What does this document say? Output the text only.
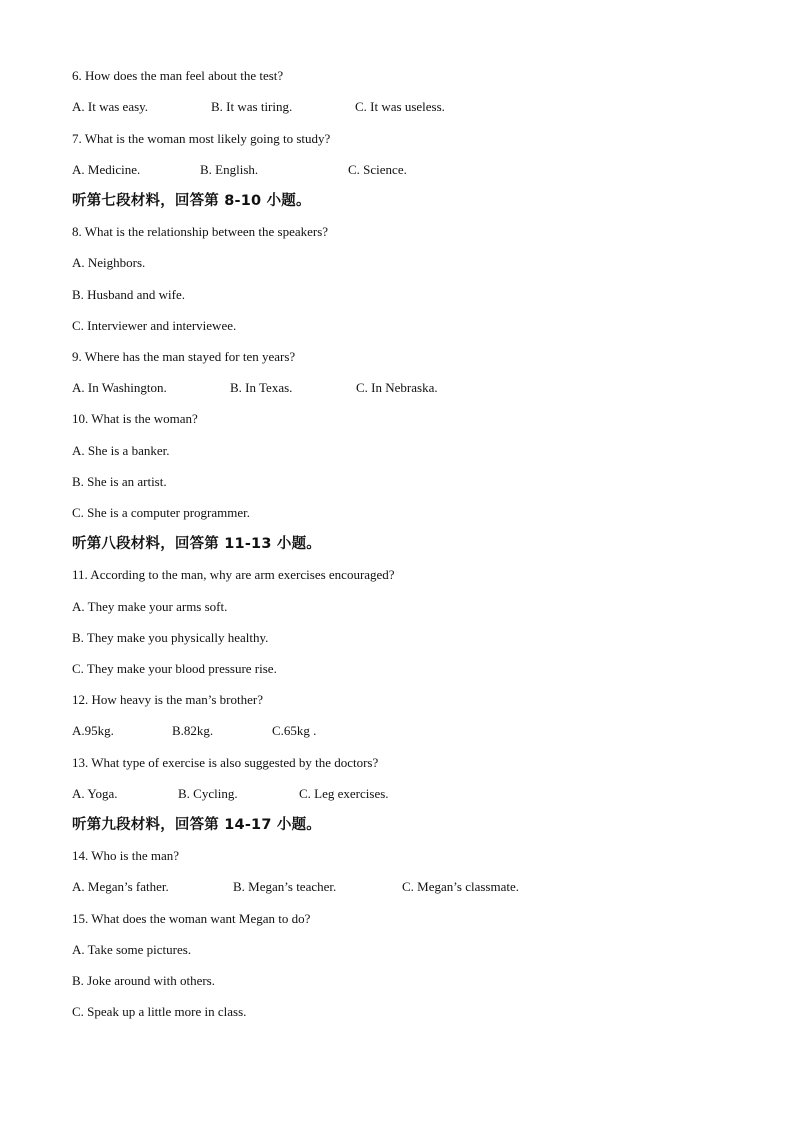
6. How does the man feel about the test?
A. It was easy.	B. It was tiring.	C. It was useless.
7. What is the woman most likely going to study?
A. Medicine.	B. English.	C. Science.
听第七段材料，回答第 8-10 小题。
8. What is the relationship between the speakers?
A. Neighbors.
B. Husband and wife.
C. Interviewer and interviewee.
9. Where has the man stayed for ten years?
A. In Washington.	B. In Texas.	C. In Nebraska.
10. What is the woman?
A. She is a banker.
B. She is an artist.
C. She is a computer programmer.
听第八段材料，回答第 11-13 小题。
11. According to the man, why are arm exercises encouraged?
A. They make your arms soft.
B. They make you physically healthy.
C. They make your blood pressure rise.
12. How heavy is the man’s brother?
A.95kg.	B.82kg.	C.65kg .
13. What type of exercise is also suggested by the doctors?
A. Yoga.	B. Cycling.	C. Leg exercises.
听第九段材料，回答第 14-17 小题。
14. Who is the man?
A. Megan’s father.	B. Megan’s teacher.	C. Megan’s classmate.
15. What does the woman want Megan to do?
A. Take some pictures.
B. Joke around with others.
C. Speak up a little more in class.
